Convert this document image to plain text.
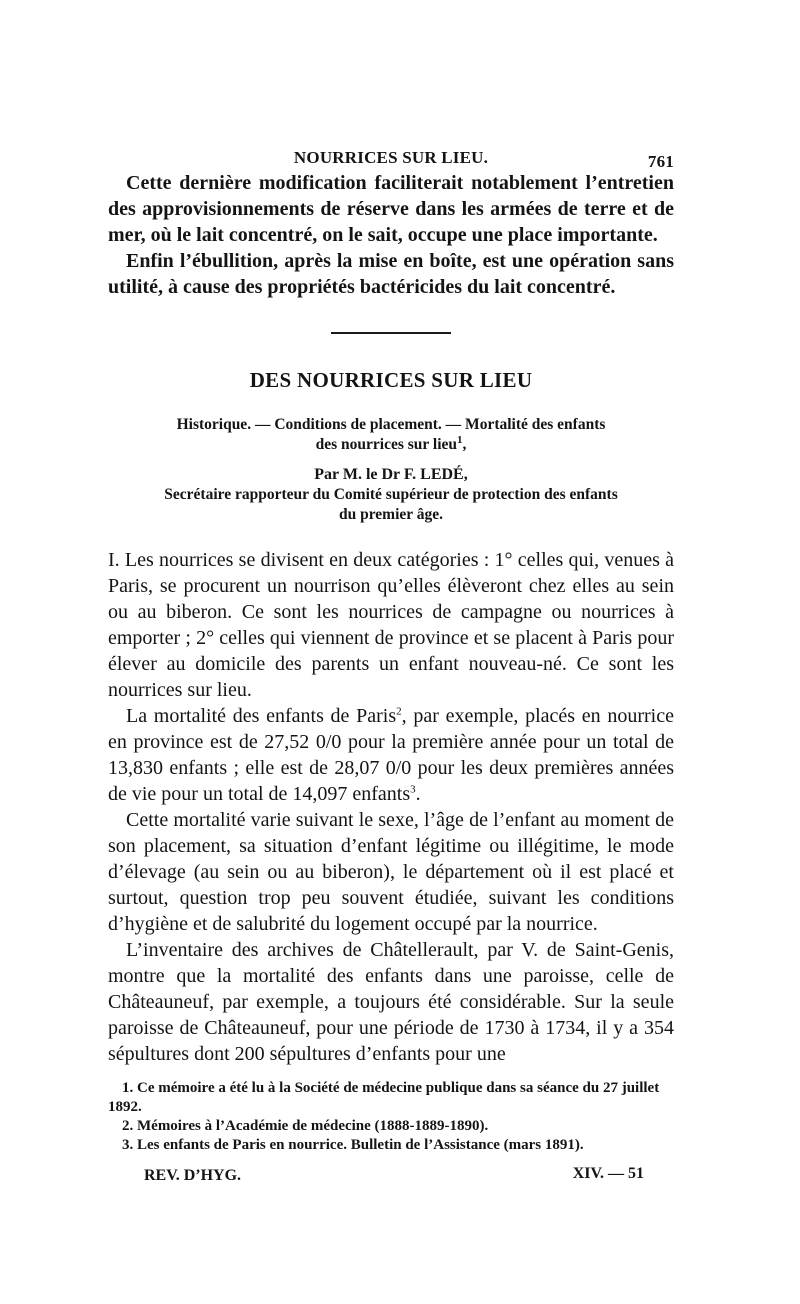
NOURRICES SUR LIEU.	761

Cette dernière modification faciliterait notablement l’entretien des approvisionnements de réserve dans les armées de terre et de mer, où le lait concentré, on le sait, occupe une place importante.

Enfin l’ébullition, après la mise en boîte, est une opération sans utilité, à cause des propriétés bactéricides du lait concentré.

DES NOURRICES SUR LIEU

Historique. — Conditions de placement. — Mortalité des enfants
des nourrices sur lieu$^1$,

Par M. le Dr F. LEDÉ,

Secrétaire rapporteur du Comité supérieur de protection des enfants
du premier âge.

I. Les nourrices se divisent en deux catégories : 1° celles qui, venues à Paris, se procurent un nourrison qu’elles élèveront chez elles au sein ou au biberon. Ce sont les nourrices de campagne ou nourrices à emporter ; 2° celles qui viennent de province et se placent à Paris pour élever au domicile des parents un enfant nouveau-né. Ce sont les nourrices sur lieu.

La mortalité des enfants de Paris$^2$, par exemple, placés en nourrice en province est de 27,52 0/0 pour la première année pour un total de 13,830 enfants ; elle est de 28,07 0/0 pour les deux premières années de vie pour un total de 14,097 enfants$^3$.

Cette mortalité varie suivant le sexe, l’âge de l’enfant au moment de son placement, sa situation d’enfant légitime ou illégitime, le mode d’élevage (au sein ou au biberon), le département où il est placé et surtout, question trop peu souvent étudiée, suivant les conditions d’hygiène et de salubrité du logement occupé par la nourrice.

L’inventaire des archives de Châtellerault, par V. de Saint-Genis, montre que la mortalité des enfants dans une paroisse, celle de Châteauneuf, par exemple, a toujours été considérable. Sur la seule paroisse de Châteauneuf, pour une période de 1730 à 1734, il y a 354 sépultures dont 200 sépultures d’enfants pour une

1. Ce mémoire a été lu à la Société de médecine publique dans sa séance du 27 juillet 1892.

2. Mémoires à l’Académie de médecine (1888-1889-1890).

3. Les enfants de Paris en nourrice. Bulletin de l’Assistance (mars 1891).

REV. D’HYG.	XIV. — 51
